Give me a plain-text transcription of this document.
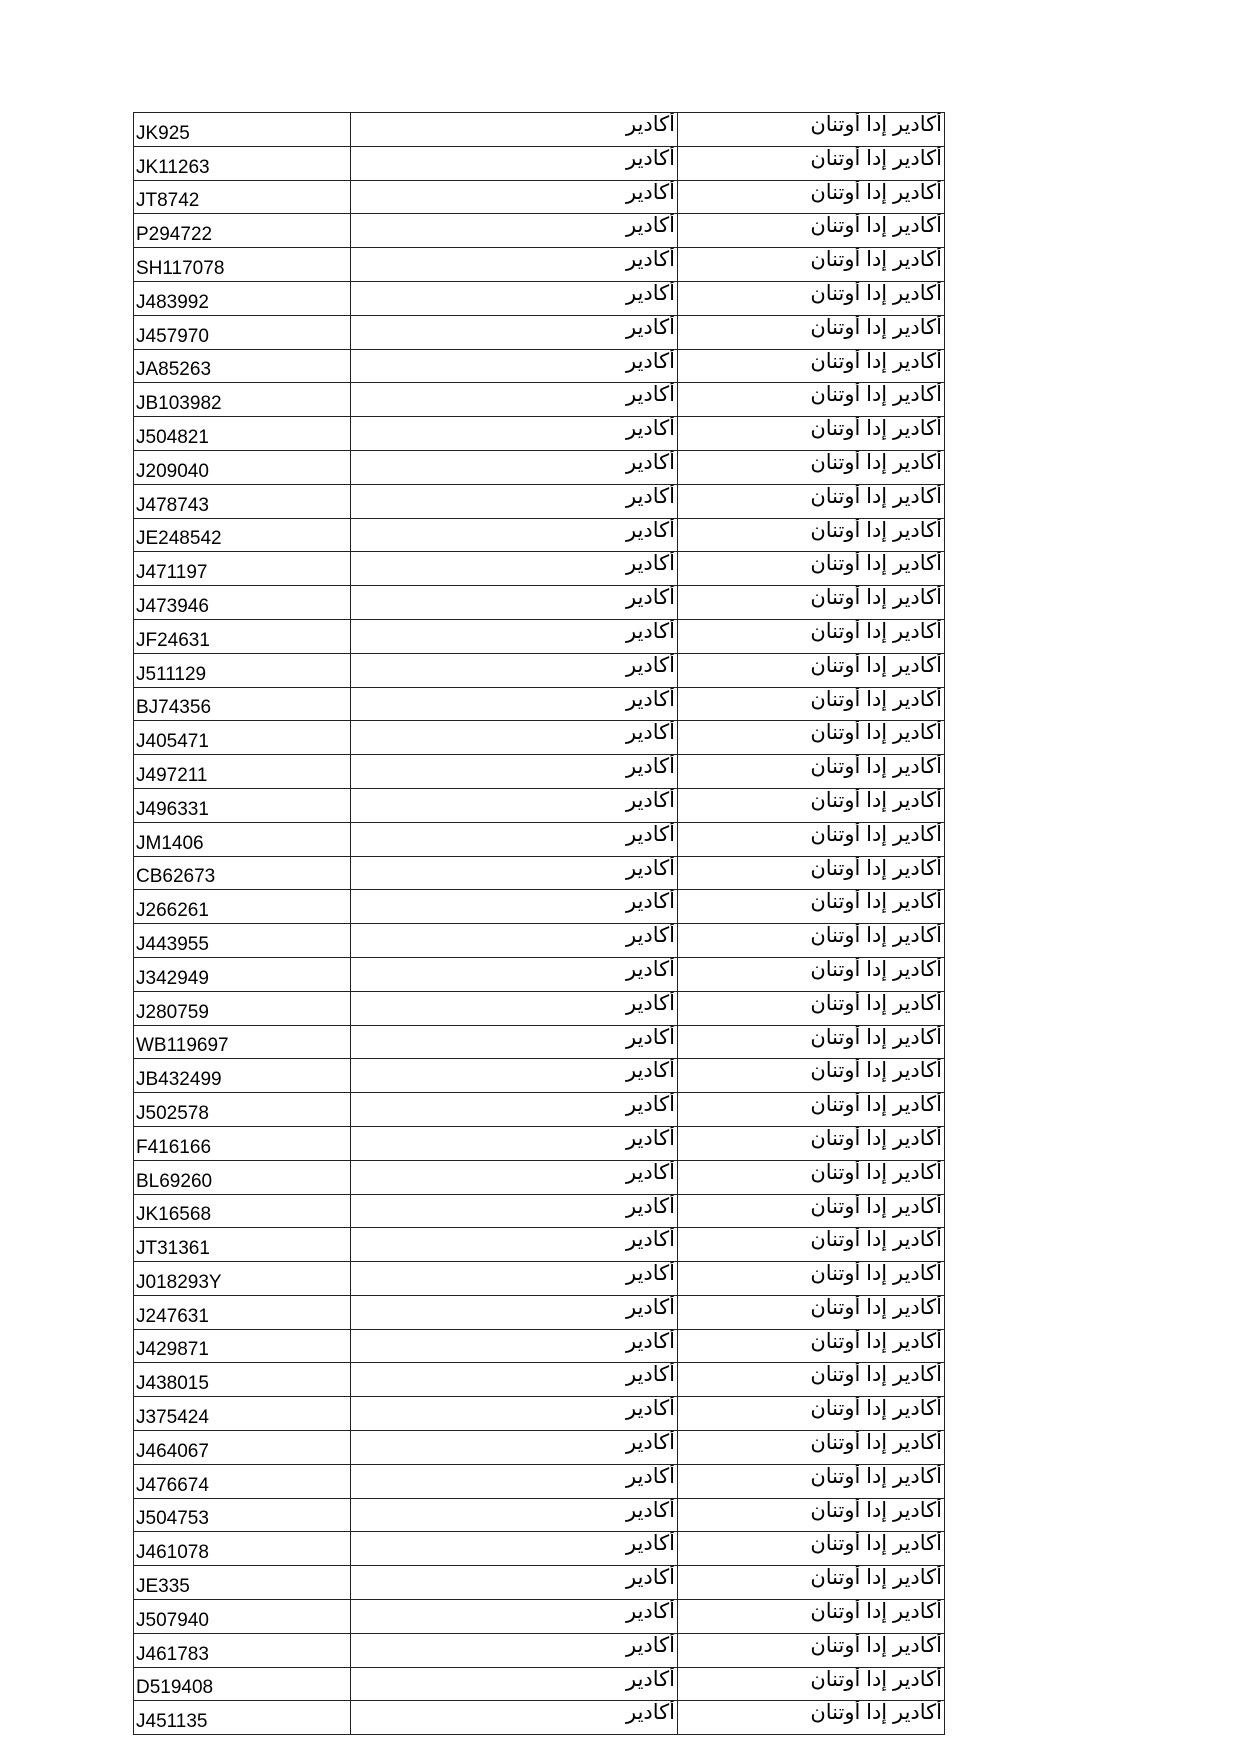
JK925	أكادير	أكادير إدا أوتنان
JK11263	أكادير	أكادير إدا أوتنان
JT8742	أكادير	أكادير إدا أوتنان
P294722	أكادير	أكادير إدا أوتنان
SH117078	أكادير	أكادير إدا أوتنان
J483992	أكادير	أكادير إدا أوتنان
J457970	أكادير	أكادير إدا أوتنان
JA85263	أكادير	أكادير إدا أوتنان
JB103982	أكادير	أكادير إدا أوتنان
J504821	أكادير	أكادير إدا أوتنان
J209040	أكادير	أكادير إدا أوتنان
J478743	أكادير	أكادير إدا أوتنان
JE248542	أكادير	أكادير إدا أوتنان
J471197	أكادير	أكادير إدا أوتنان
J473946	أكادير	أكادير إدا أوتنان
JF24631	أكادير	أكادير إدا أوتنان
J511129	أكادير	أكادير إدا أوتنان
BJ74356	أكادير	أكادير إدا أوتنان
J405471	أكادير	أكادير إدا أوتنان
J497211	أكادير	أكادير إدا أوتنان
J496331	أكادير	أكادير إدا أوتنان
JM1406	أكادير	أكادير إدا أوتنان
CB62673	أكادير	أكادير إدا أوتنان
J266261	أكادير	أكادير إدا أوتنان
J443955	أكادير	أكادير إدا أوتنان
J342949	أكادير	أكادير إدا أوتنان
J280759	أكادير	أكادير إدا أوتنان
WB119697	أكادير	أكادير إدا أوتنان
JB432499	أكادير	أكادير إدا أوتنان
J502578	أكادير	أكادير إدا أوتنان
F416166	أكادير	أكادير إدا أوتنان
BL69260	أكادير	أكادير إدا أوتنان
JK16568	أكادير	أكادير إدا أوتنان
JT31361	أكادير	أكادير إدا أوتنان
J018293Y	أكادير	أكادير إدا أوتنان
J247631	أكادير	أكادير إدا أوتنان
J429871	أكادير	أكادير إدا أوتنان
J438015	أكادير	أكادير إدا أوتنان
J375424	أكادير	أكادير إدا أوتنان
J464067	أكادير	أكادير إدا أوتنان
J476674	أكادير	أكادير إدا أوتنان
J504753	أكادير	أكادير إدا أوتنان
J461078	أكادير	أكادير إدا أوتنان
JE335	أكادير	أكادير إدا أوتنان
J507940	أكادير	أكادير إدا أوتنان
J461783	أكادير	أكادير إدا أوتنان
D519408	أكادير	أكادير إدا أوتنان
J451135	أكادير	أكادير إدا أوتنان
